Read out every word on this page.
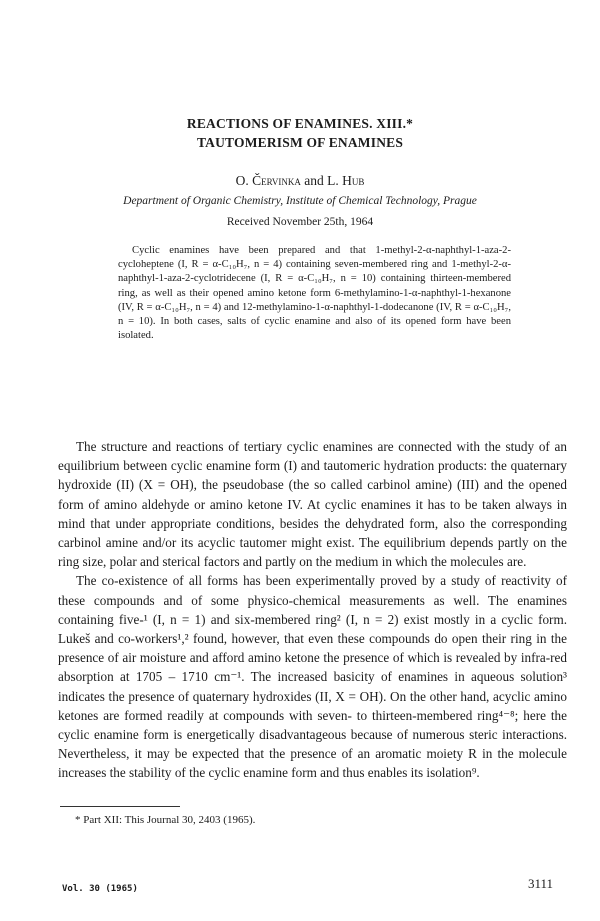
REACTIONS OF ENAMINES. XIII.*
TAUTOMERISM OF ENAMINES
O. Červinka and L. Hub
Department of Organic Chemistry, Institute of Chemical Technology, Prague
Received November 25th, 1964

Cyclic enamines have been prepared and that 1-methyl-2-α-naphthyl-1-aza-2-cycloheptene (I, R = α-C₁₀H₇, n = 4) containing seven-membered ring and 1-methyl-2-α-naphthyl-1-aza-2-cyclotridecene (I, R = α-C₁₀H₇, n = 10) containing thirteen-membered ring, as well as their opened amino ketone form 6-methylamino-1-α-naphthyl-1-hexanone (IV, R = α-C₁₀H₇, n = 4) and 12-methylamino-1-α-naphthyl-1-dodecanone (IV, R = α-C₁₀H₇, n = 10). In both cases, salts of cyclic enamine and also of its opened form have been isolated.

The structure and reactions of tertiary cyclic enamines are connected with the study of an equilibrium between cyclic enamine form (I) and tautomeric hydration products: the quaternary hydroxide (II) (X = OH), the pseudobase (the so called carbinol amine) (III) and the opened form of amino aldehyde or amino ketone IV. At cyclic enamines it has to be taken always in mind that under appropriate conditions, besides the dehydrated form, also the corresponding carbinol amine and/or its acyclic tautomer might exist. The equilibrium depends partly on the ring size, polar and sterical factors and partly on the medium in which the molecules are.

The co-existence of all forms has been experimentally proved by a study of reactivity of these compounds and of some physico-chemical measurements as well. The enamines containing five-¹ (I, n = 1) and six-membered ring² (I, n = 2) exist mostly in a cyclic form. Lukeš and co-workers¹,² found, however, that even these compounds do open their ring in the presence of air moisture and afford amino ketone the presence of which is revealed by infra-red absorption at 1705 – 1710 cm⁻¹. The increased basicity of enamines in aqueous solution³ indicates the presence of quaternary hydroxides (II, X = OH). On the other hand, acyclic amino ketones are formed readily at compounds with seven- to thirteen-membered ring⁴⁻⁸; here the cyclic enamine form is energetically disadvantageous because of numerous steric interactions. Nevertheless, it may be expected that the presence of an aromatic moiety R in the molecule increases the stability of the cyclic enamine form and thus enables its isolation⁹.

* Part XII: This Journal 30, 2403 (1965).
Vol. 30 (1965)	3111
